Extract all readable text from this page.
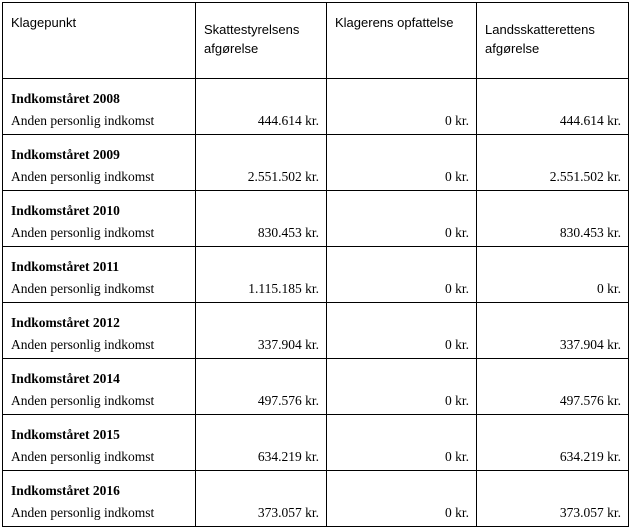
Klagepunkt	Skattestyrelsens afgørelse	Klagerens opfattelse	Landsskatterettens afgørelse

Indkomståret 2008
Anden personlig indkomst	444.614 kr.	0 kr.	444.614 kr.

Indkomståret 2009
Anden personlig indkomst	2.551.502 kr.	0 kr.	2.551.502 kr.

Indkomståret 2010
Anden personlig indkomst	830.453 kr.	0 kr.	830.453 kr.

Indkomståret 2011
Anden personlig indkomst	1.115.185 kr.	0 kr.	0 kr.

Indkomståret 2012
Anden personlig indkomst	337.904 kr.	0 kr.	337.904 kr.

Indkomståret 2014
Anden personlig indkomst	497.576 kr.	0 kr.	497.576 kr.

Indkomståret 2015
Anden personlig indkomst	634.219 kr.	0 kr.	634.219 kr.

Indkomståret 2016
Anden personlig indkomst	373.057 kr.	0 kr.	373.057 kr.
